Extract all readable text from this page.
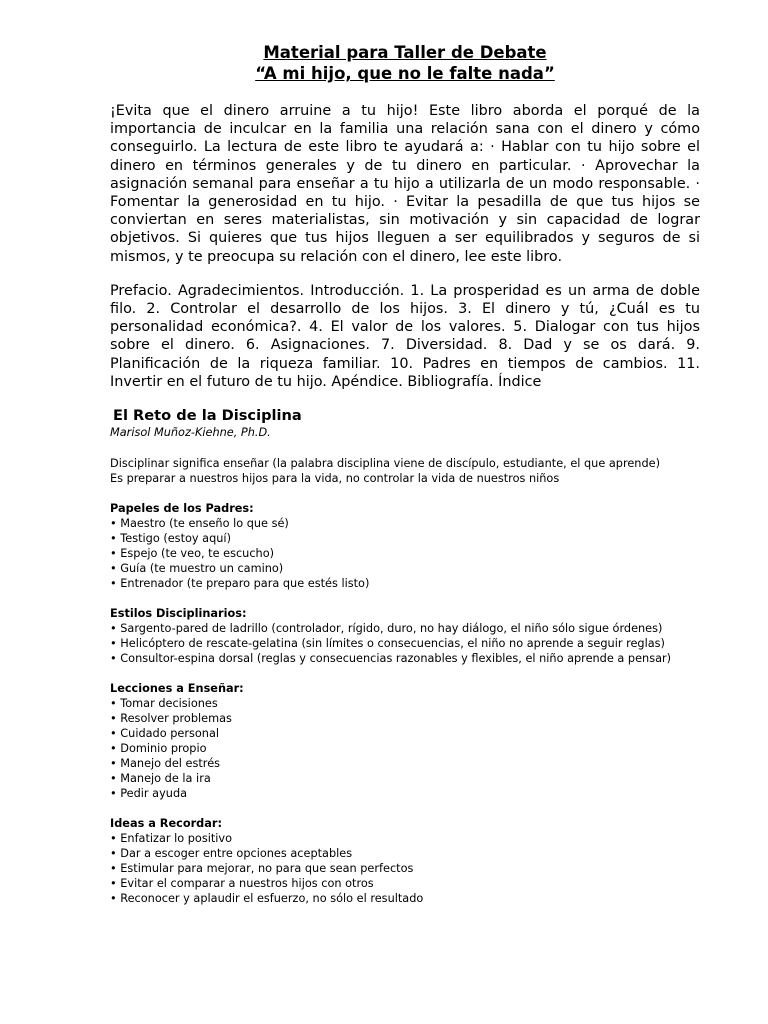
Material para Taller de Debate

“A mi hijo, que no le falte nada”

¡Evita que el dinero arruine a tu hijo! Este libro aborda el porqué de la importancia de inculcar en la familia una relación sana con el dinero y cómo conseguirlo. La lectura de este libro te ayudará a: · Hablar con tu hijo sobre el dinero en términos generales y de tu dinero en particular. · Aprovechar la asignación semanal para enseñar a tu hijo a utilizarla de un modo responsable. · Fomentar la generosidad en tu hijo. · Evitar la pesadilla de que tus hijos se conviertan en seres materialistas, sin motivación y sin capacidad de lograr objetivos. Si quieres que tus hijos lleguen a ser equilibrados y seguros de si mismos, y te preocupa su relación con el dinero, lee este libro.

Prefacio. Agradecimientos. Introducción. 1. La prosperidad es un arma de doble filo. 2. Controlar el desarrollo de los hijos. 3. El dinero y tú, ¿Cuál es tu personalidad económica?. 4. El valor de los valores. 5. Dialogar con tus hijos sobre el dinero. 6. Asignaciones. 7. Diversidad. 8. Dad y se os dará. 9. Planificación de la riqueza familiar. 10. Padres en tiempos de cambios. 11. Invertir en el futuro de tu hijo. Apéndice. Bibliografía. Índice

El Reto de la Disciplina

Marisol Muñoz-Kiehne, Ph.D.

Disciplinar significa enseñar (la palabra disciplina viene de discípulo, estudiante, el que aprende)

Es preparar a nuestros hijos para la vida, no controlar la vida de nuestros niños

Papeles de los Padres:

• Maestro (te enseño lo que sé)
• Testigo (estoy aquí)
• Espejo (te veo, te escucho)
• Guía (te muestro un camino)
• Entrenador (te preparo para que estés listo)

Estilos Disciplinarios:

• Sargento-pared de ladrillo (controlador, rígido, duro, no hay diálogo, el niño sólo sigue órdenes)
• Helicóptero de rescate-gelatina (sin límites o consecuencias, el niño no aprende a seguir reglas)
• Consultor-espina dorsal (reglas y consecuencias razonables y flexibles, el niño aprende a pensar)

Lecciones a Enseñar:

• Tomar decisiones
• Resolver problemas
• Cuidado personal
• Dominio propio
• Manejo del estrés
• Manejo de la ira
• Pedir ayuda

Ideas a Recordar:

• Enfatizar lo positivo
• Dar a escoger entre opciones aceptables
• Estimular para mejorar, no para que sean perfectos
• Evitar el comparar a nuestros hijos con otros
• Reconocer y aplaudir el esfuerzo, no sólo el resultado
